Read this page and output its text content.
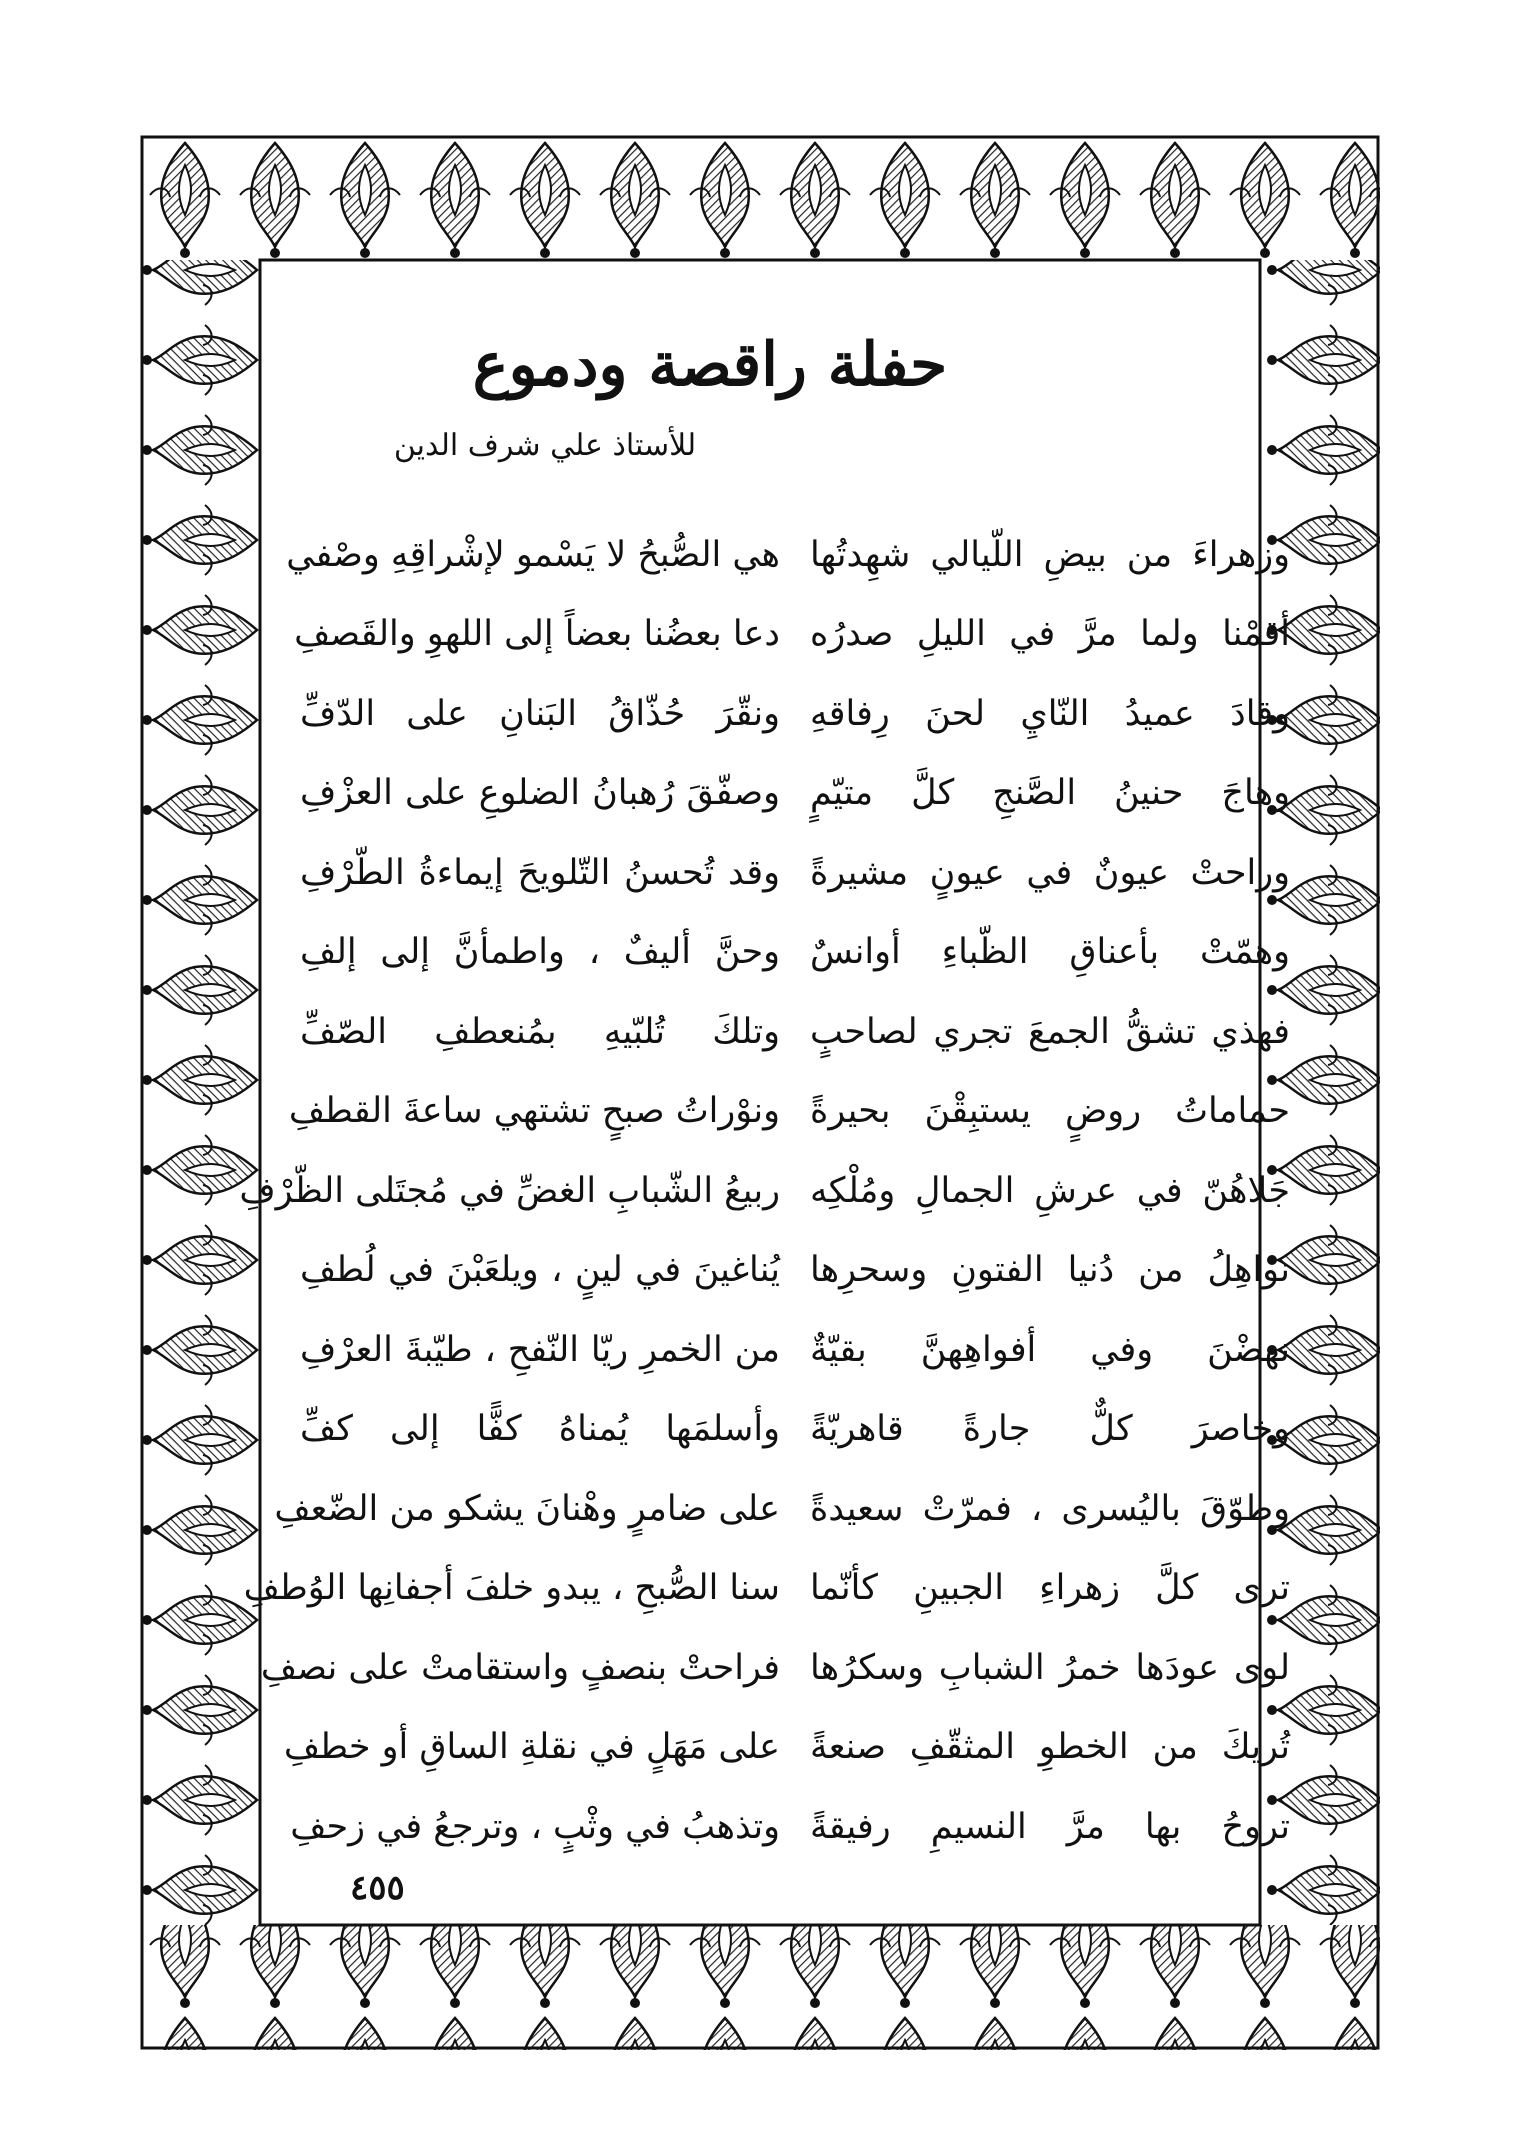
حفلة راقصة ودموع
للأستاذ علي شرف الدين
وزهراءَ من بيضِ اللّيالي شهِدتُها
هي الصُّبحُ لا يَسْمو لإشْراقِهِ وصْفي
أقمْنا ولما مرَّ في الليلِ صدرُه
دعا بعضُنا بعضاً إلى اللهوِ والقَصفِ
وقادَ عميدُ النّايِ لحنَ رِفاقهِ
ونقّرَ حُذّاقُ البَنانِ على الدّفِّ
وهاجَ حنينُ الصَّنجِ كلَّ متيّمٍ
وصفّقَ رُهبانُ الضلوعِ على العزْفِ
وراحتْ عيونٌ في عيونٍ مشيرةً
وقد تُحسنُ التّلويحَ إيماءةُ الطّرْفِ
وهمّتْ بأعناقِ الظّباءِ أوانسٌ
وحنَّ أليفٌ ، واطمأنَّ إلى إلفِ
فهذي تشقُّ الجمعَ تجري لصاحبٍ
وتلكَ تُلبّيهِ بمُنعطفِ الصّفِّ
حماماتُ روضٍ يستبِقْنَ بحيرةً
ونوْراتُ صبحٍ تشتهي ساعةَ القطفِ
جَلاهُنّ في عرشِ الجمالِ ومُلْكِه
ربيعُ الشّبابِ الغضِّ في مُجتَلى الظّرْفِ
نواهِلُ من دُنيا الفتونِ وسحرِها
يُناغينَ في لينٍ ، ويلعَبْنَ في لُطفِ
نهضْنَ وفي أفواهِهنَّ بقيّةٌ
من الخمرِ ريّا النّفحِ ، طيّبةَ العرْفِ
وخاصرَ كلٌّ جارةً قاهريّةً
وأسلمَها يُمناهُ كفًّا إلى كفِّ
وطوّقَ باليُسرى ، فمرّتْ سعيدةً
على ضامرٍ وهْنانَ يشكو من الضّعفِ
ترى كلَّ زهراءِ الجبينِ كأنّما
سنا الصُّبحِ ، يبدو خلفَ أجفانِها الوُطفِ
لوى عودَها خمرُ الشبابِ وسكرُها
فراحتْ بنصفٍ واستقامتْ على نصفِ
تُريكَ من الخطوِ المثقّفِ صنعةً
على مَهَلٍ في نقلةِ الساقِ أو خطفِ
تروحُ بها مرَّ النسيمِ رفيقةً
وتذهبُ في وثْبٍ ، وترجعُ في زحفِ
٤٥٥
